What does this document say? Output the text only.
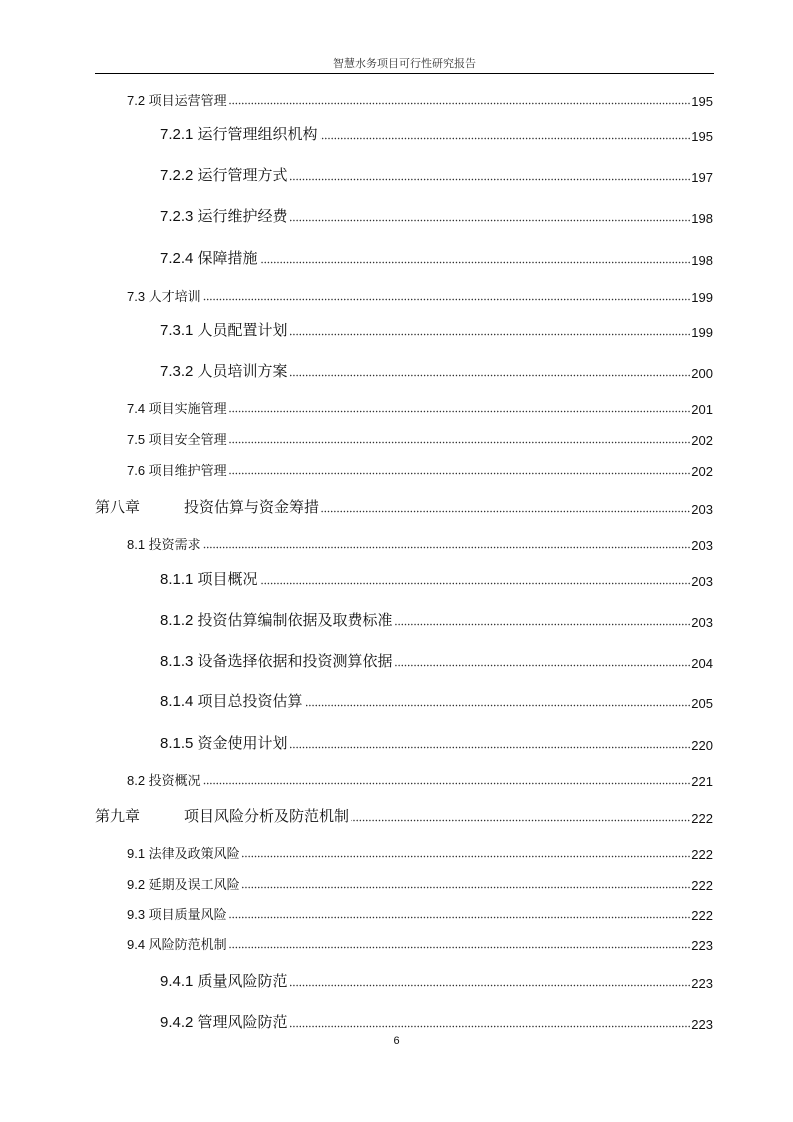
智慧水务项目可行性研究报告
7.2 项目运营管理	195
7.2.1 运行管理组织机构	195
7.2.2 运行管理方式	197
7.2.3 运行维护经费	198
7.2.4 保障措施	198
7.3 人才培训	199
7.3.1 人员配置计划	199
7.3.2 人员培训方案	200
7.4 项目实施管理	201
7.5 项目安全管理	202
7.6 项目维护管理	202
第八章	投资估算与资金筹措	203
8.1 投资需求	203
8.1.1 项目概况	203
8.1.2 投资估算编制依据及取费标准	203
8.1.3 设备选择依据和投资测算依据	204
8.1.4 项目总投资估算	205
8.1.5 资金使用计划	220
8.2 投资概况	221
第九章	项目风险分析及防范机制	222
9.1 法律及政策风险	222
9.2 延期及误工风险	222
9.3 项目质量风险	222
9.4 风险防范机制	223
9.4.1 质量风险防范	223
9.4.2 管理风险防范	223
6
